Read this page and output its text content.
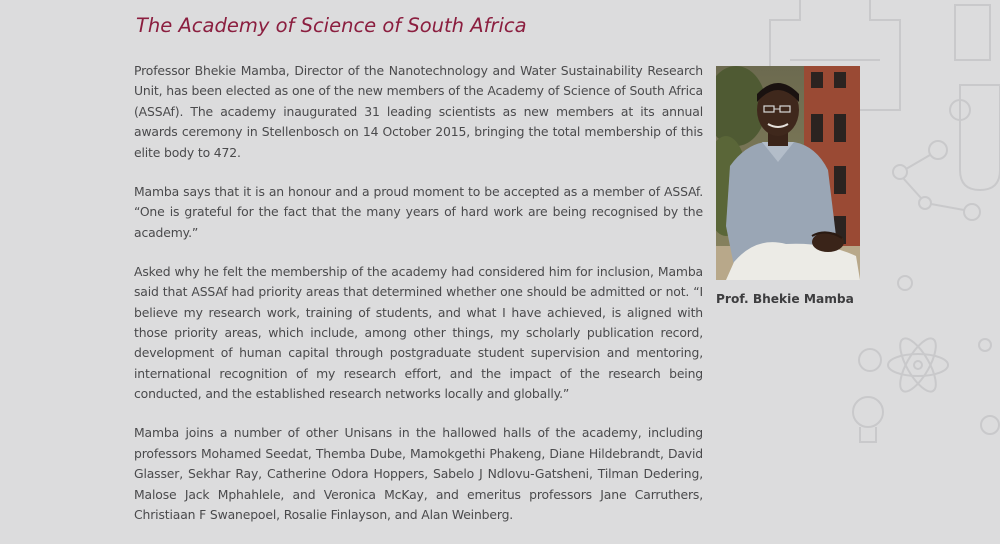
The Academy of Science of South Africa

Professor Bhekie Mamba, Director of the Nanotechnology and Water Sustainability Research Unit, has been elected as one of the new members of the Academy of Science of South Africa (ASSAf). The academy inaugurated 31 leading scientists as new members at its annual awards ceremony in Stellenbosch on 14 October 2015, bringing the total membership of this elite body to 472.

Mamba says that it is an honour and a proud moment to be accepted as a member of ASSAf. “One is grateful for the fact that the many years of hard work are being recognised by the academy.”

Asked why he felt the membership of the academy had considered him for inclusion, Mamba said that ASSAf had priority areas that determined whether one should be admitted or not. “I believe my research work, training of students, and what I have achieved, is aligned with those priority areas, which include, among other things, my scholarly publication record, development of human capital through postgraduate student supervision and mentoring, international recognition of my research effort, and the impact of the research being conducted, and the established research networks locally and globally.”

Mamba joins a number of other Unisans in the hallowed halls of the academy, including professors Mohamed Seedat, Themba Dube, Mamokgethi Phakeng, Diane Hildebrandt, David Glasser, Sekhar Ray, Catherine Odora Hoppers, Sabelo J Ndlovu-Gatsheni, Tilman Dedering, Malose Jack Mphahlele, and Veronica McKay, and emeritus professors Jane Carruthers, Christiaan F Swanepoel, Rosalie Finlayson, and Alan Weinberg.

Prof. Bhekie Mamba
